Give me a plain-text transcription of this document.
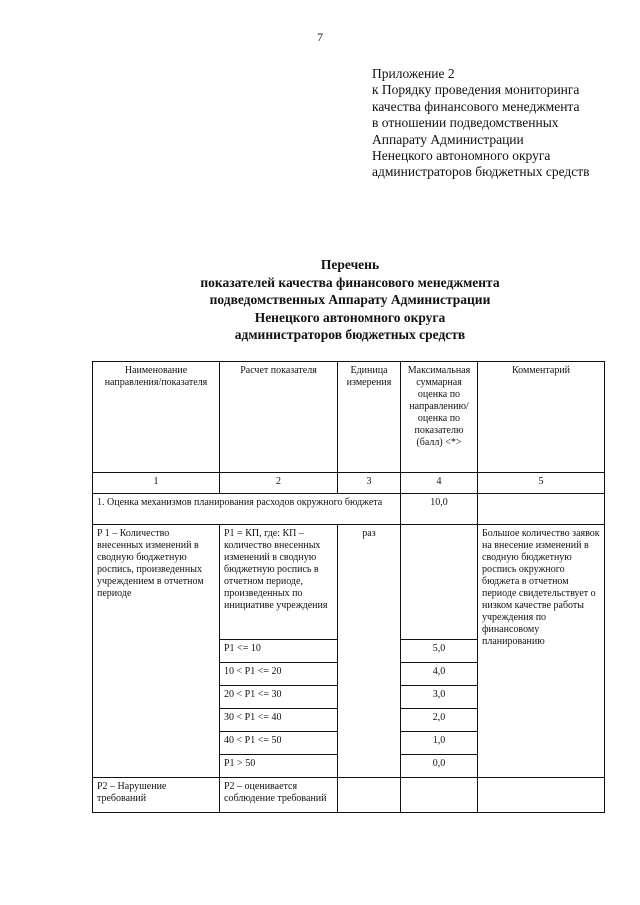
7
Приложение 2
к Порядку проведения мониторинга
качества финансового менеджмента
в отношении подведомственных
Аппарату Администрации
Ненецкого автономного округа
администраторов бюджетных средств
Перечень
показателей качества финансового менеджмента
подведомственных Аппарату Администрации
Ненецкого автономного округа
администраторов бюджетных средств
Наименование направления/показателя	Расчет показателя	Единица измерения	Максимальная суммарная оценка по направлению/ оценка по показателю (балл) <*>	Комментарий
1	2	3	4	5
1. Оценка механизмов планирования расходов окружного бюджета			10,0	
P 1 – Количество внесенных изменений в сводную бюджетную роспись, произведенных учреждением в отчетном периоде	P1 = КП, где: КП – количество внесенных изменений в сводную бюджетную роспись в отчетном периоде, произведенных по инициативе учреждения	раз		Большое количество заявок на внесение изменений в сводную бюджетную роспись окружного бюджета в отчетном периоде свидетельствует о низком качестве работы учреждения по финансовому планированию
	P1 <= 10		5,0	
	10 < P1 <= 20		4,0	
	20 < P1 <= 30		3,0	
	30 < P1 <= 40		2,0	
	40 < P1 <= 50		1,0	
	P1 > 50		0,0	
P2 – Нарушение требований	P2 – оценивается соблюдение требований			
